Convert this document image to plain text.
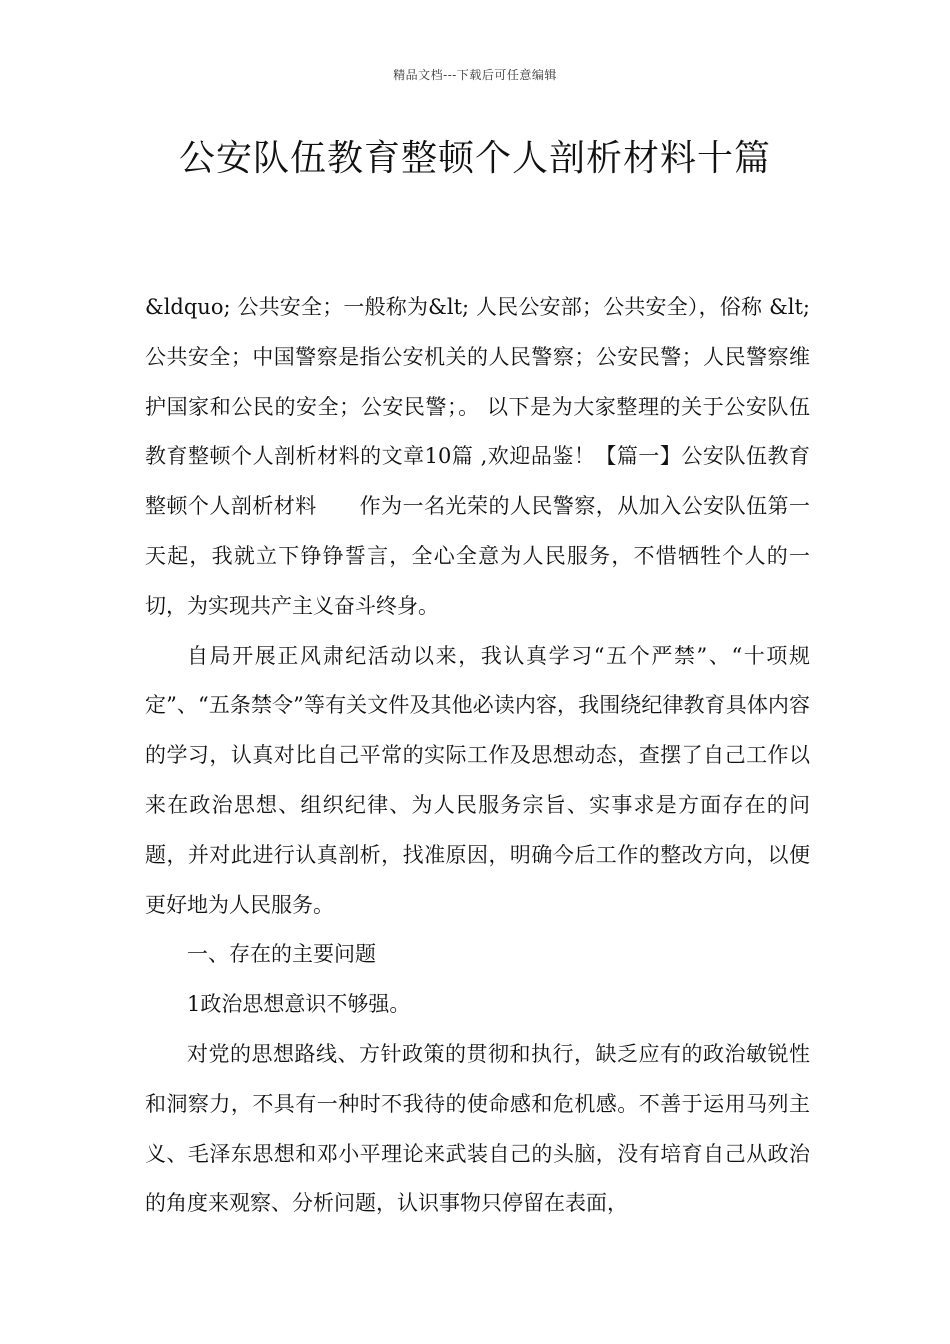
精品文档---下载后可任意编辑
公安队伍教育整顿个人剖析材料十篇

&ldquo; 公共安全；一般称为&lt; 人民公安部；公共安全），俗称 &lt; 公共安全；中国警察是指公安机关的人民警察；公安民警；人民警察维护国家和公民的安全；公安民警；。 以下是为大家整理的关于公安队伍教育整顿个人剖析材料的文章10篇 ,欢迎品鉴！【篇一】公安队伍教育整顿个人剖析材料　　作为一名光荣的人民警察，从加入公安队伍第一天起，我就立下铮铮誓言，全心全意为人民服务，不惜牺牲个人的一切，为实现共产主义奋斗终身。

自局开展正风肃纪活动以来，我认真学习“五个严禁”、“十项规定”、“五条禁令”等有关文件及其他必读内容，我围绕纪律教育具体内容的学习，认真对比自己平常的实际工作及思想动态，查摆了自己工作以来在政治思想、组织纪律、为人民服务宗旨、实事求是方面存在的问题，并对此进行认真剖析，找准原因，明确今后工作的整改方向，以便更好地为人民服务。

一、存在的主要问题

1政治思想意识不够强。

对党的思想路线、方针政策的贯彻和执行，缺乏应有的政治敏锐性和洞察力，不具有一种时不我待的使命感和危机感。不善于运用马列主义、毛泽东思想和邓小平理论来武装自己的头脑，没有培育自己从政治的角度来观察、分析问题，认识事物只停留在表面，
